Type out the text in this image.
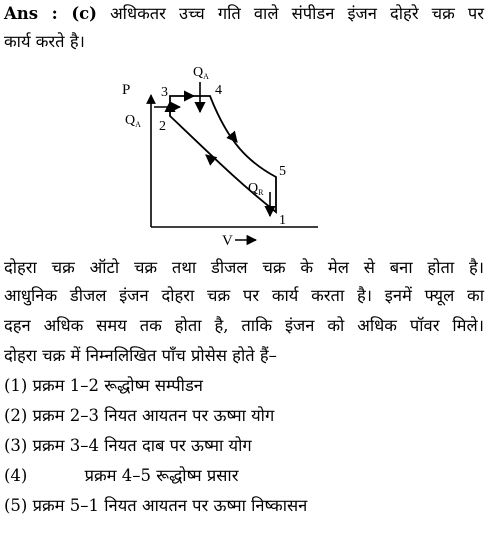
Ans : (c) अधिकतर उच्च गति वाले संपीडन इंजन दोहरे चक्र पर
कार्य करते है।
P
V
3	4
2
5
1
$Q_A$
$Q_A$
$Q_R$
दोहरा चक्र ऑटो चक्र तथा डीजल चक्र के मेल से बना होता है।
आधुनिक डीजल इंजन दोहरा चक्र पर कार्य करता है। इनमें फ्यूल का
दहन अधिक समय तक होता है, ताकि इंजन को अधिक पॉवर मिले।
दोहरा चक्र में निम्नलिखित पाँच प्रोसेस होते हैं–
(1) प्रक्रम 1–2 रूद्धोष्म सम्पीडन
(2) प्रक्रम 2–3 नियत आयतन पर ऊष्मा योग
(3) प्रक्रम 3–4 नियत दाब पर ऊष्मा योग
(4)	प्रक्रम 4–5 रूद्धोष्म प्रसार
(5) प्रक्रम 5–1 नियत आयतन पर ऊष्मा निष्कासन
